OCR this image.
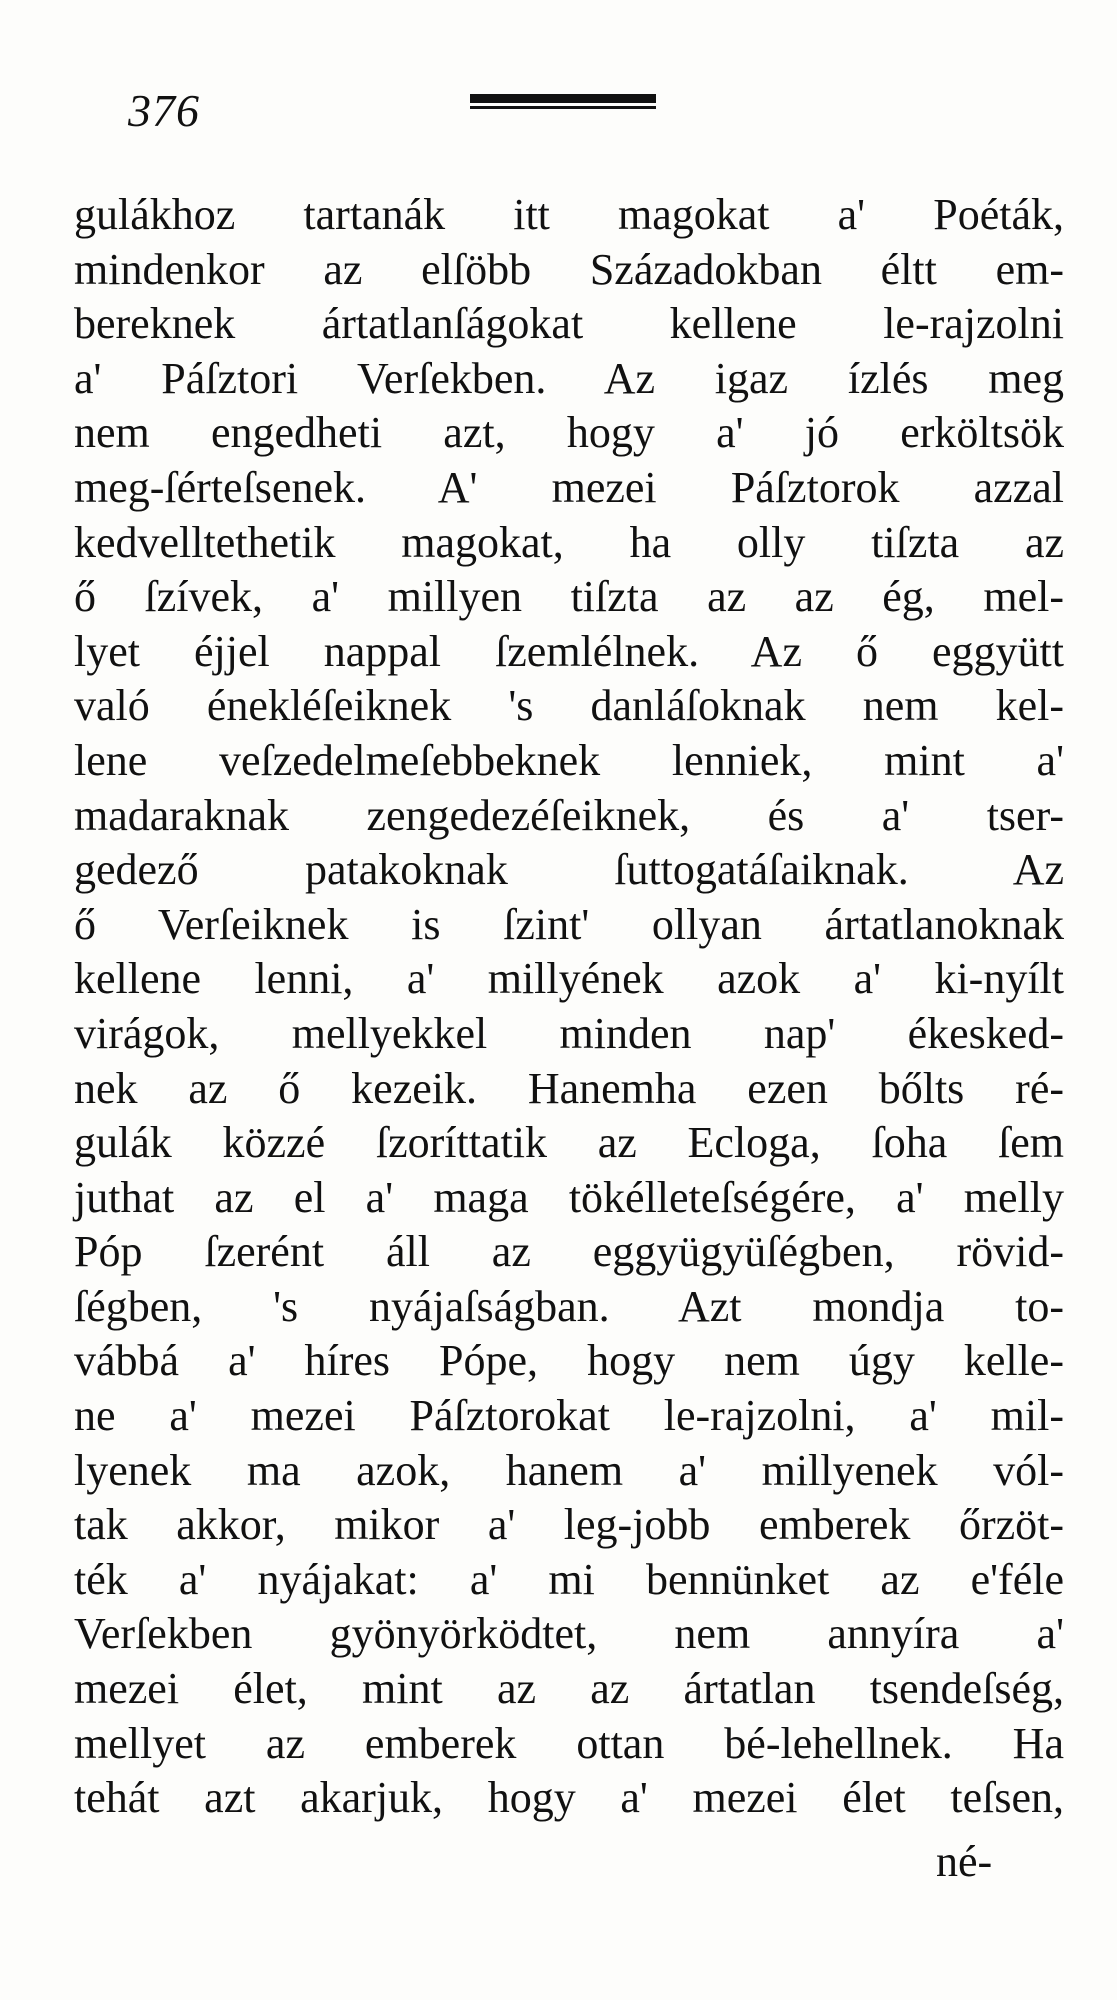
376
gulákhoz tartanák itt magokat a' Poéták,
mindenkor az elſöbb Századokban éltt em-
bereknek ártatlanſágokat kellene le-rajzolni
a' Páſztori Verſekben. Az igaz ízlés meg
nem engedheti azt, hogy a' jó erköltsök
meg-ſérteſsenek. A' mezei Páſztorok azzal
kedvelltethetik magokat, ha olly tiſzta az
ő ſzívek, a' millyen tiſzta az az ég, mel-
lyet éjjel nappal ſzemlélnek. Az ő eggyütt
való énekléſeiknek 's danláſoknak nem kel-
lene veſzedelmeſebbeknek lenniek, mint a'
madaraknak zengedezéſeiknek, és a' tser-
gedező patakoknak ſuttogatáſaiknak. Az
ő Verſeiknek is ſzint' ollyan ártatlanoknak
kellene lenni, a' millyének azok a' ki-nyílt
virágok, mellyekkel minden nap' ékesked-
nek az ő kezeik. Hanemha ezen bőlts ré-
gulák közzé ſzoríttatik az Ecloga, ſoha ſem
juthat az el a' maga tökélleteſségére, a' melly
Póp ſzerént áll az eggyügyüſégben, rövid-
ſégben, 's nyájaſságban. Azt mondja to-
vábbá a' híres Pópe, hogy nem úgy kelle-
ne a' mezei Páſztorokat le-rajzolni, a' mil-
lyenek ma azok, hanem a' millyenek vól-
tak akkor, mikor a' leg-jobb emberek őrzöt-
ték a' nyájakat: a' mi bennünket az e'féle
Verſekben gyönyörködtet, nem annyíra a'
mezei élet, mint az az ártatlan tsendeſség,
mellyet az emberek ottan bé-lehellnek. Ha
tehát azt akarjuk, hogy a' mezei élet teſsen,
né-
